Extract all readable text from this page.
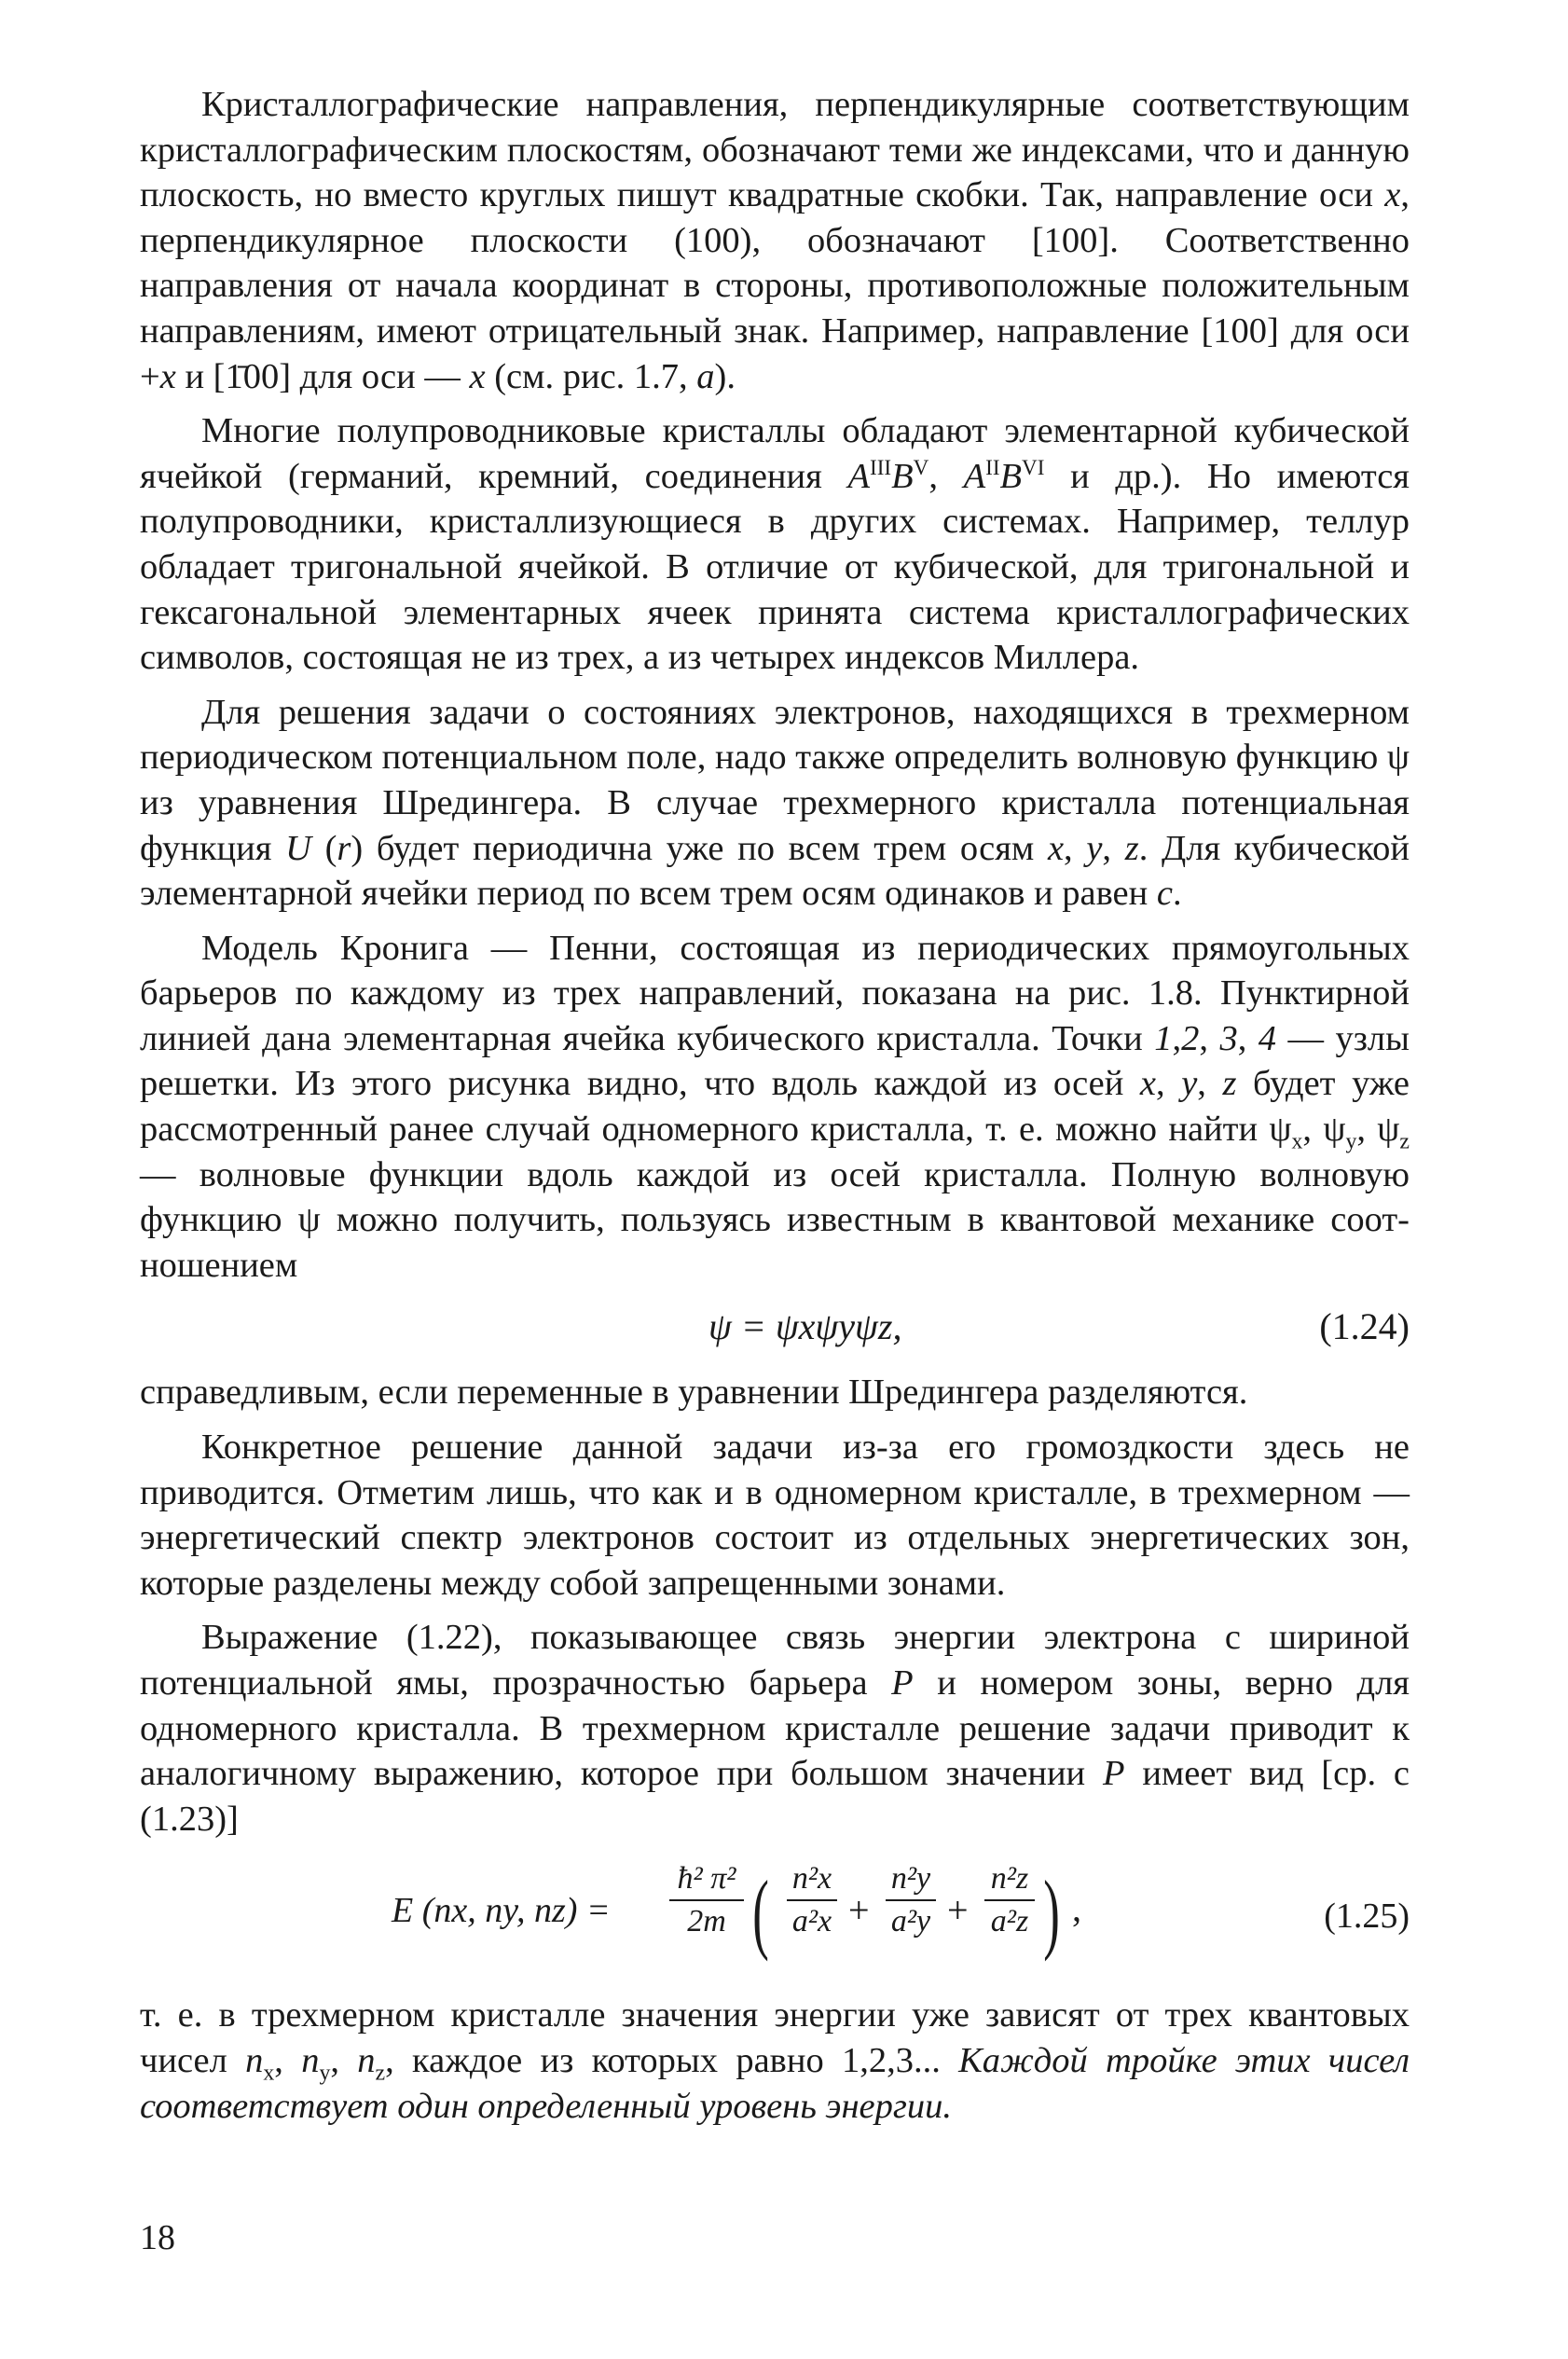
Кристаллографические направления, перпендикулярные соответствующим кристаллографическим плоскостям, обозначают теми же индексами, что и данную плоскость, но вместо круглых пишут квадратные скобки. Так, направление оси x, перпендикулярное плоскости (100), обозначают [100]. Соответственно направления от начала координат в стороны, противоположные положительным направлениям, имеют отрицательный знак. Например, направление [100] для оси +x и [1̄00] для оси — x (см. рис. 1.7, a).

Многие полупроводниковые кристаллы обладают элементарной кубической ячейкой (германий, кремний, соединения $A^{III}B^V$, $A^{II}B^{VI}$ и др.). Но имеются полупроводники, кристаллизующиеся в других системах. Например, теллур обладает тригональной ячейкой. В отличие от кубической, для тригональной и гексагональной элементарных ячеек принята система кристаллографических символов, состоящая не из трех, а из четырех индексов Миллера.

Для решения задачи о состояниях электронов, находящихся в трехмерном периодическом потенциальном поле, надо также определить волновую функцию ψ из уравнения Шредингера. В случае трехмерного кристалла потенциальная функция U (r) будет периодична уже по всем трем осям x, y, z. Для кубической элементарной ячейки период по всем трем осям одинаков и равен c.

Модель Кронига — Пенни, состоящая из периодических прямоугольных барьеров по каждому из трех направлений, показана на рис. 1.8. Пунктирной линией дана элементарная ячейка кубического кристалла. Точки 1,2, 3, 4 — узлы решетки. Из этого рисунка видно, что вдоль каждой из осей x, y, z будет уже рассмотренный ранее случай одномерного кристалла, т. е. можно найти $\psi_x$, $\psi_y$, $\psi_z$ — волновые функции вдоль каждой из осей кристалла. Полную волновую функцию ψ можно получить, пользуясь известным в квантовой механике соотношением

ψ = ψxψyψz,	(1.24)

справедливым, если переменные в уравнении Шредингера разделяются.

Конкретное решение данной задачи из-за его громоздкости здесь не приводится. Отметим лишь, что как и в одномерном кристалле, в трехмерном — энергетический спектр электронов состоит из отдельных энергетических зон, которые разделены между собой запрещенными зонами.

Выражение (1.22), показывающее связь энергии электрона с шириной потенциальной ямы, прозрачностью барьера P и номером зоны, верно для одномерного кристалла. В трехмерном кристалле решение задачи приводит к аналогичному выражению, которое при большом значении P имеет вид [ср. с (1.23)]

E (nx, ny, nz) =
ħ² π²
2m ( n²x
a²x +
n²y
a²y +
n²z
a²z ) ,	(1.25)

т. е. в трехмерном кристалле значения энергии уже зависят от трех квантовых чисел $n_x$, $n_y$, $n_z$, каждое из которых равно 1,2,3... Каждой тройке этих чисел соответствует один определенный уровень энергии.

18
